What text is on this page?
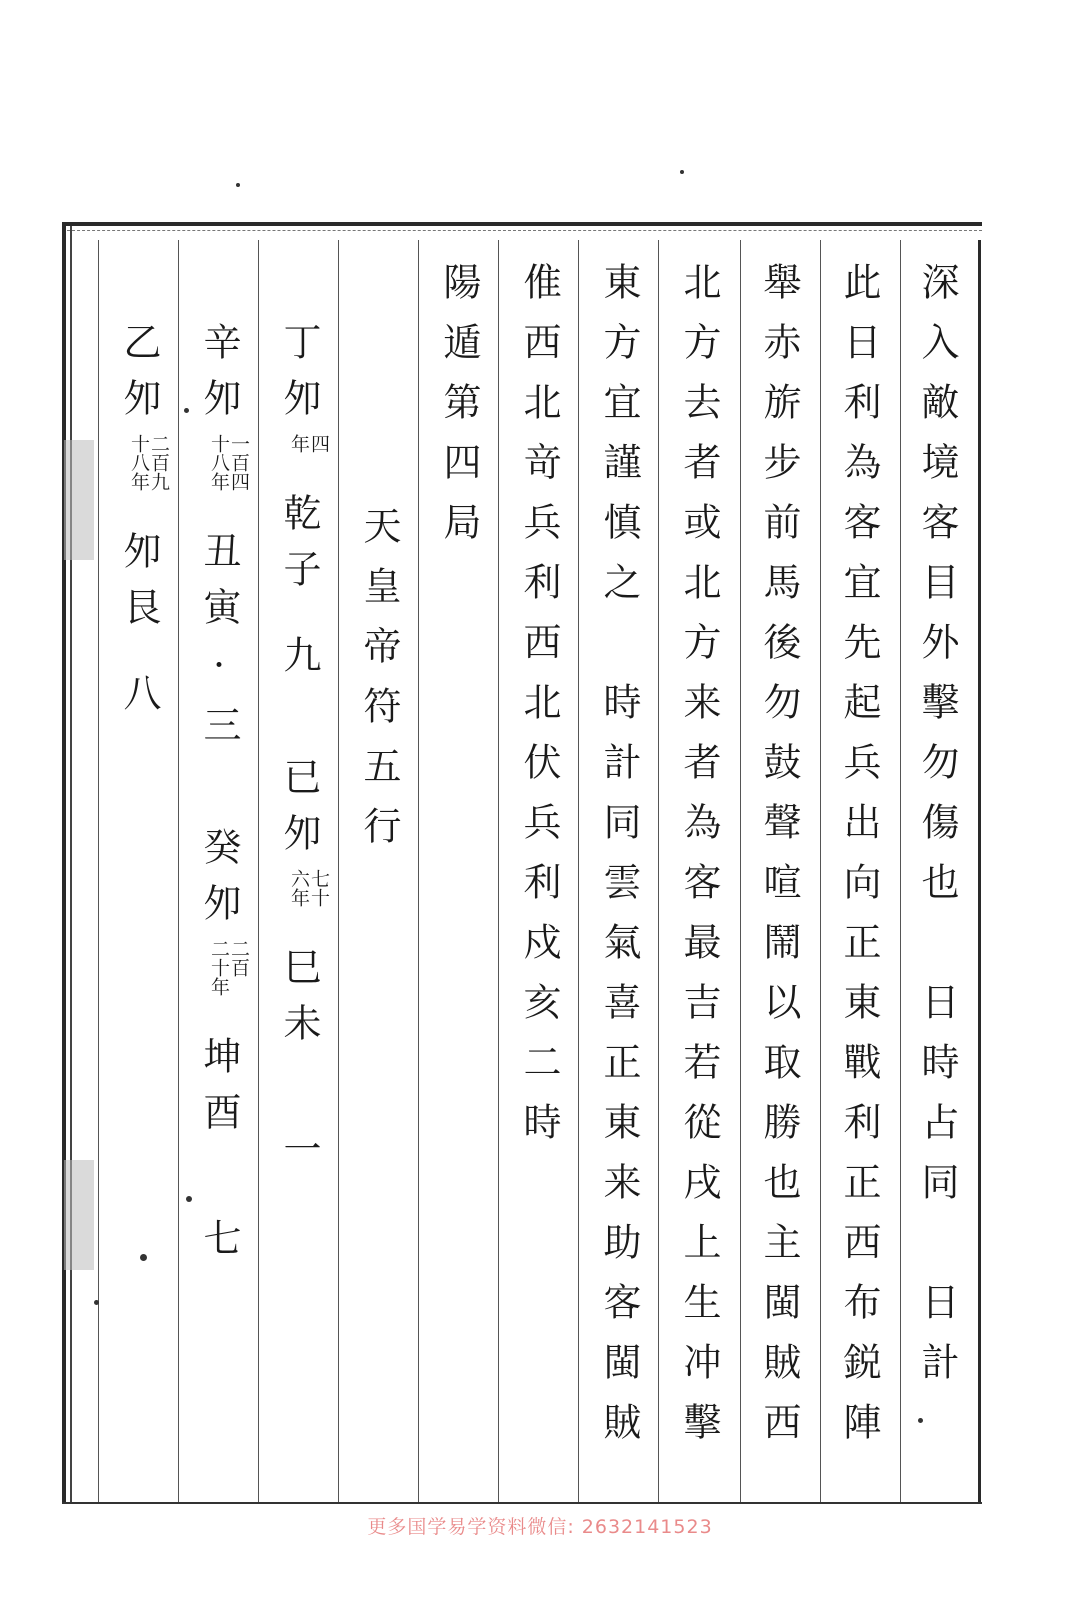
深入敵境客目外擊勿傷也日時占同日計
此日利為客宜先起兵出向正東戰利正西布鋭陣
舉赤旂步前馬後勿鼓聲喧鬧以取勝也主閩賊西
北方去者或北方来者為客最吉若從戌上生冲擊
東方宜謹慎之時計同雲氣喜正東来助客閩賊
倠西北竒兵利西北伏兵利戍亥二時
陽遁第四局
天皇帝符五行
丁夘
四
年
乾子九已夘
七十
六年
巳未一
辛夘
一百四
十八年
丑寅·三癸夘
二百
二十年
坤酉七
乙夘
二百九
十八年
夘艮八
更多国学易学资料微信: 2632141523
